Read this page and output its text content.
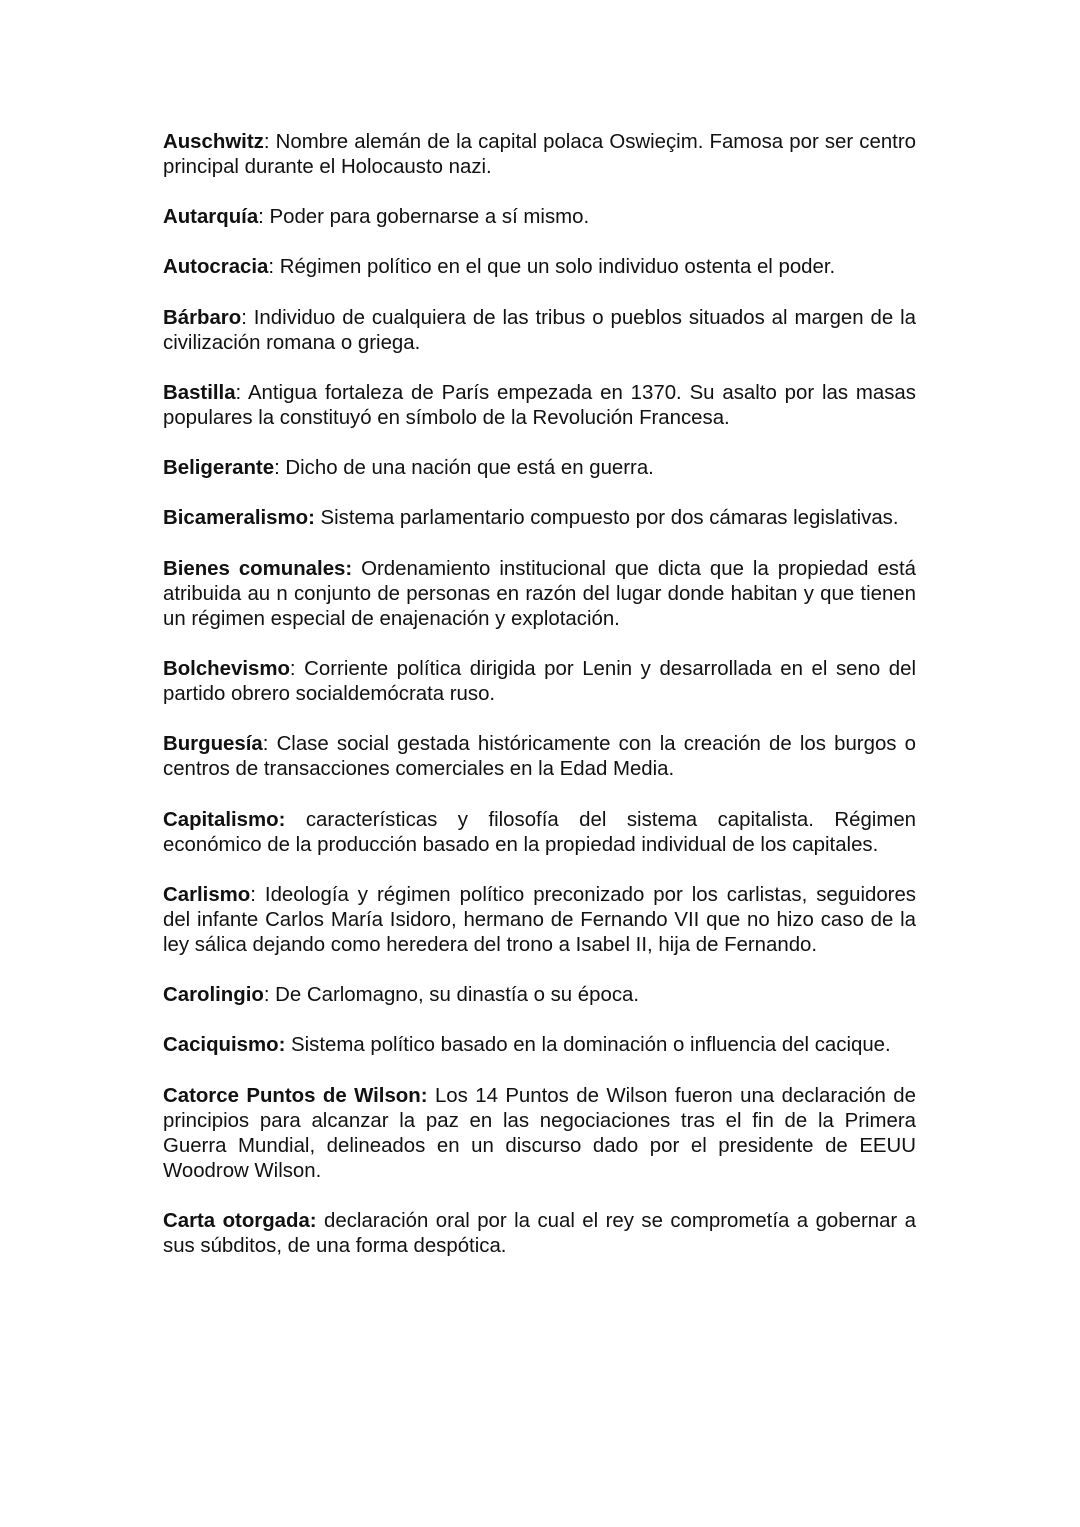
Auschwitz: Nombre alemán de la capital polaca Oswieçim. Famosa por ser centro principal durante el Holocausto nazi.

Autarquía: Poder para gobernarse a sí mismo.

Autocracia: Régimen político en el que un solo individuo ostenta el poder.

Bárbaro: Individuo de cualquiera de las tribus o pueblos situados al margen de la civilización romana o griega.

Bastilla: Antigua fortaleza de París empezada en 1370. Su asalto por las masas populares la constituyó en símbolo de la Revolución Francesa.

Beligerante: Dicho de una nación que está en guerra.

Bicameralismo: Sistema parlamentario compuesto por dos cámaras legislativas.

Bienes comunales: Ordenamiento institucional que dicta que la propiedad está atribuida au n conjunto de personas en razón del lugar donde habitan y que tienen un régimen especial de enajenación y explotación.

Bolchevismo: Corriente política dirigida por Lenin y desarrollada en el seno del partido obrero socialdemócrata ruso.

Burguesía: Clase social gestada históricamente con la creación de los burgos o centros de transacciones comerciales en la Edad Media.

Capitalismo: características y filosofía del sistema capitalista. Régimen económico de la producción basado en la propiedad individual de los capitales.

Carlismo: Ideología y régimen político preconizado por los carlistas, seguidores del infante Carlos María Isidoro, hermano de Fernando VII que no hizo caso de la ley sálica dejando como heredera del trono a Isabel II, hija de Fernando.

Carolingio: De Carlomagno, su dinastía o su época.

Caciquismo: Sistema político basado en la dominación o influencia del cacique.

Catorce Puntos de Wilson: Los 14 Puntos de Wilson fueron una declaración de principios para alcanzar la paz en las negociaciones tras el fin de la Primera Guerra Mundial, delineados en un discurso dado por el presidente de EEUU Woodrow Wilson.

Carta otorgada: declaración oral por la cual el rey se comprometía a gobernar a sus súbditos, de una forma despótica.
